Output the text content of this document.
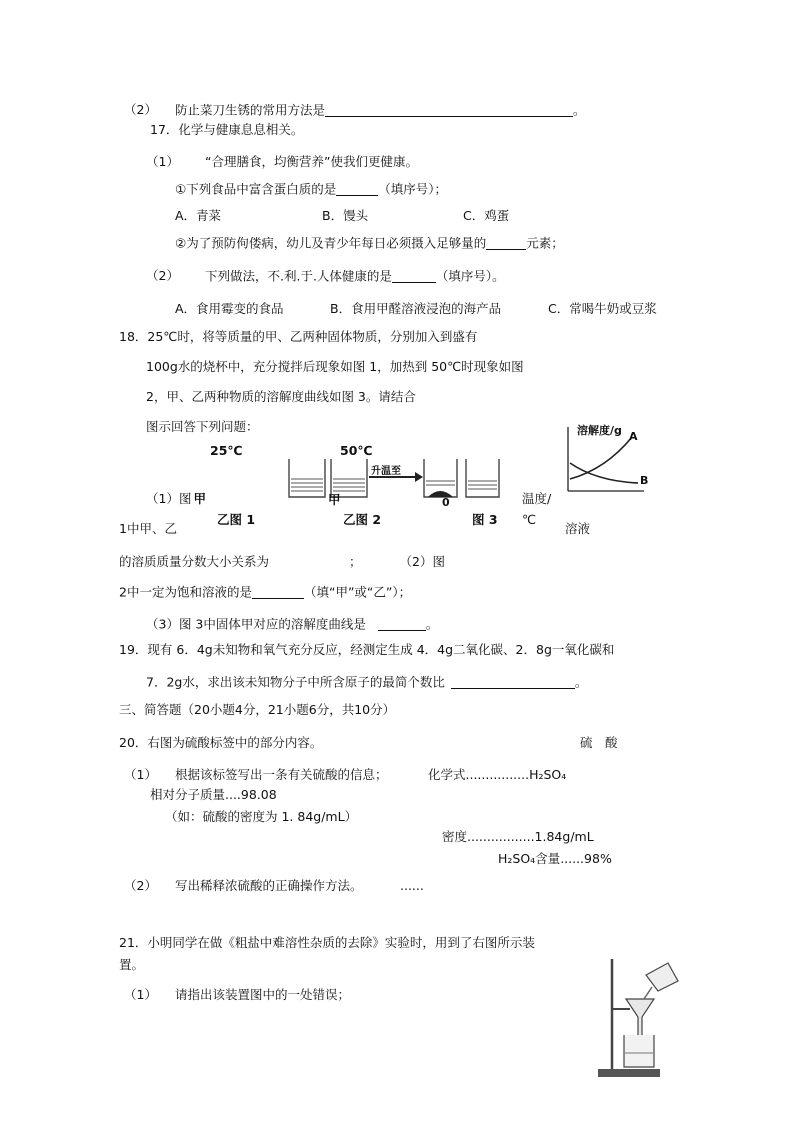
（2） 防止菜刀生锈的常用方法是	。
17．化学与健康息息相关。
（1） “合理膳食，均衡营养”使我们更健康。
①下列食品中富含蛋白质的是	（填序号）；
A．青菜	B．馒头	C．鸡蛋
②为了预防佝偻病，幼儿及青少年每日必须摄入足够量的	元素；
（2） 下列做法，不.利.于.人体健康的是	（填序号）。
A．食用霉变的食品	B．食用甲醛溶液浸泡的海产品	C．常喝牛奶或豆浆
18．25℃时，将等质量的甲、乙两种固体物质，分别加入到盛有
100g水的烧杯中，充分搅拌后现象如图 1，加热到 50℃时现象如图
2，甲、乙两种物质的溶解度曲线如图 3。请结合
图示回答下列问题：
25℃	50℃
升温至
（1）图 甲	甲	0	温度/
乙图 1	乙图 2	图 3 ℃
溶液
溶解度/g A
B
1中甲、乙
的溶质质量分数大小关系为	；	（2）图
2中一定为饱和溶液的是	（填“甲”或“乙”）；
（3）图 3中固体甲对应的溶解度曲线是	。
19．现有 6．4g未知物和氧气充分反应，经测定生成 4．4g二氧化碳、2．8g一氧化碳和
7．2g水，求出该未知物分子中所含原子的最简个数比	。
三、简答题（20小题4分，21小题6分，共10分）
20．右图为硫酸标签中的部分内容。	硫　酸
（1） 根据该标签写出一条有关硫酸的信息；	化学式................H₂SO₄
相对分子质量....98.08
（如：硫酸的密度为 1. 84g/mL）
密度.................1.84g/mL
H₂SO₄含量......98%
（2） 写出稀释浓硫酸的正确操作方法。	......
21．小明同学在做《粗盐中难溶性杂质的去除》实验时，用到了右图所示装
置。
（1） 请指出该装置图中的一处错误；
